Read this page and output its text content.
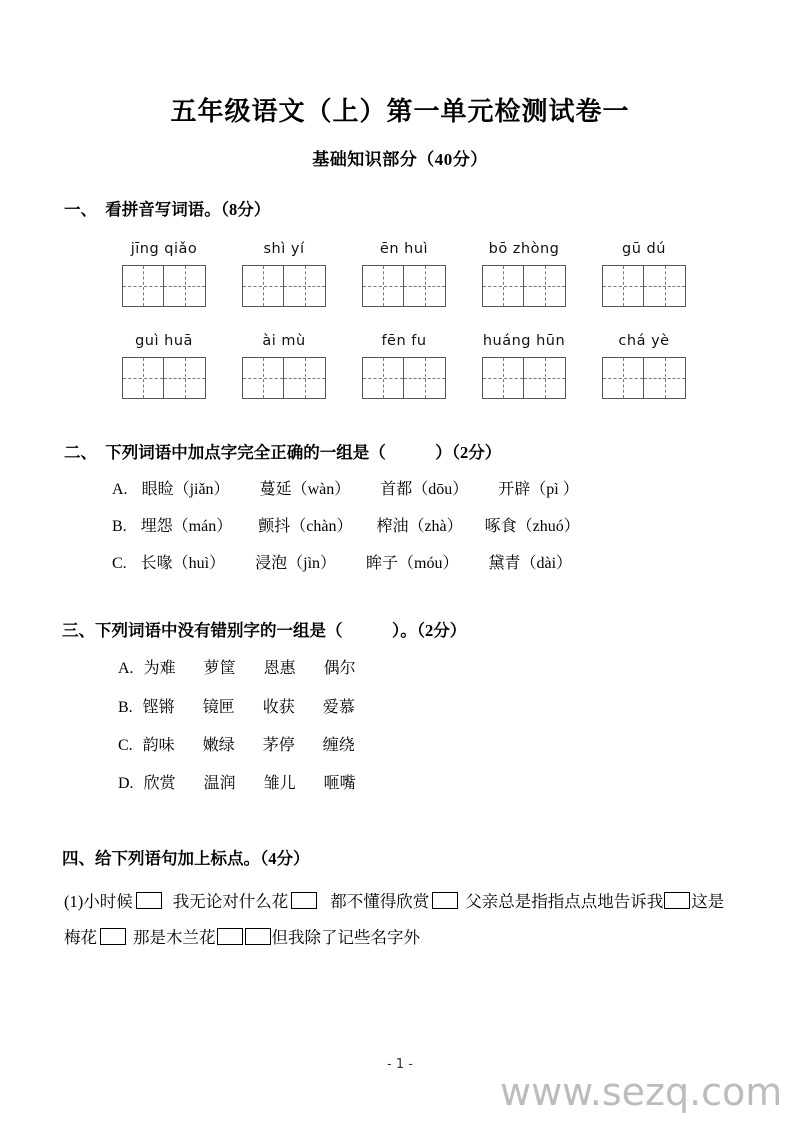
五年级语文（上）第一单元检测试卷一
基础知识部分（40分）
一、　看拼音写词语。（8分）
jīng qiǎo	shì yí	ēn huì	bō zhòng	gū dú
guì huā	ài mù	fēn fu	huáng hūn	chá yè
二、　下列词语中加点字完全正确的一组是（　　　）（2分）
A. 眼睑（jiǎn） 蔓延（wàn） 首都（dōu） 开辟（pì ）
B. 埋怨（mán） 颤抖（chàn） 榨油（zhà） 啄食（zhuó）
C. 长喙（huì） 浸泡（jìn） 眸子（móu） 黛青（dài）
三、下列词语中没有错别字的一组是（　　　）。（2分）
A. 为难 萝筐 恩惠 偶尔
B. 铿锵 镜匣 收获 爱慕
C. 韵味 嫩绿 茅停 缠绕
D. 欣赏 温润 雏儿 咂嘴
四、给下列语句加上标点。（4分）
(1)小时候 我无论对什么花	都不懂得欣赏 父亲总是指指点点地告诉我 这是梅花 那是木兰花	但我除了记些名字外
- 1 -
www.sezq.com
